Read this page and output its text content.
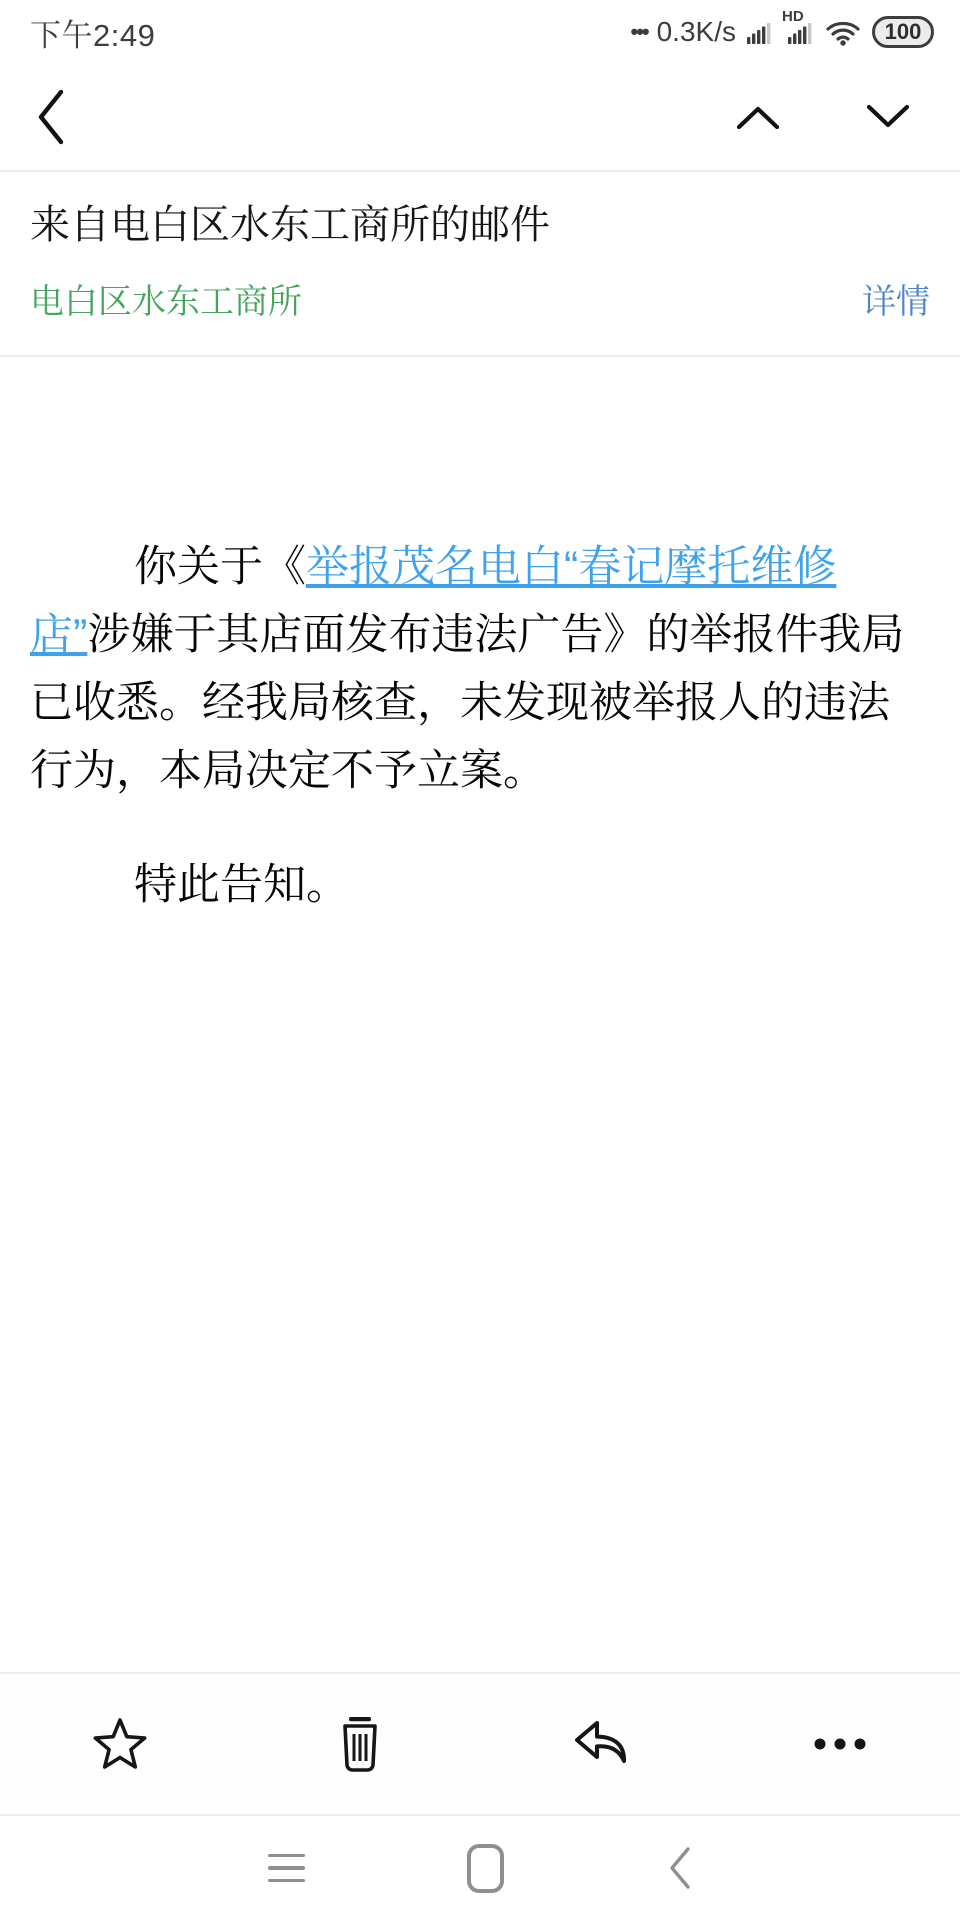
下午2:49	••• 0.3K/s	HD
100
来自电白区水东工商所的邮件
电白区水东工商所	详情

你关于《举报茂名电白“春记摩托维修店”涉嫌于其店面发布违法广告》的举报件我局已收悉。经我局核查，未发现被举报人的违法行为，本局决定不予立案。

特此告知。
